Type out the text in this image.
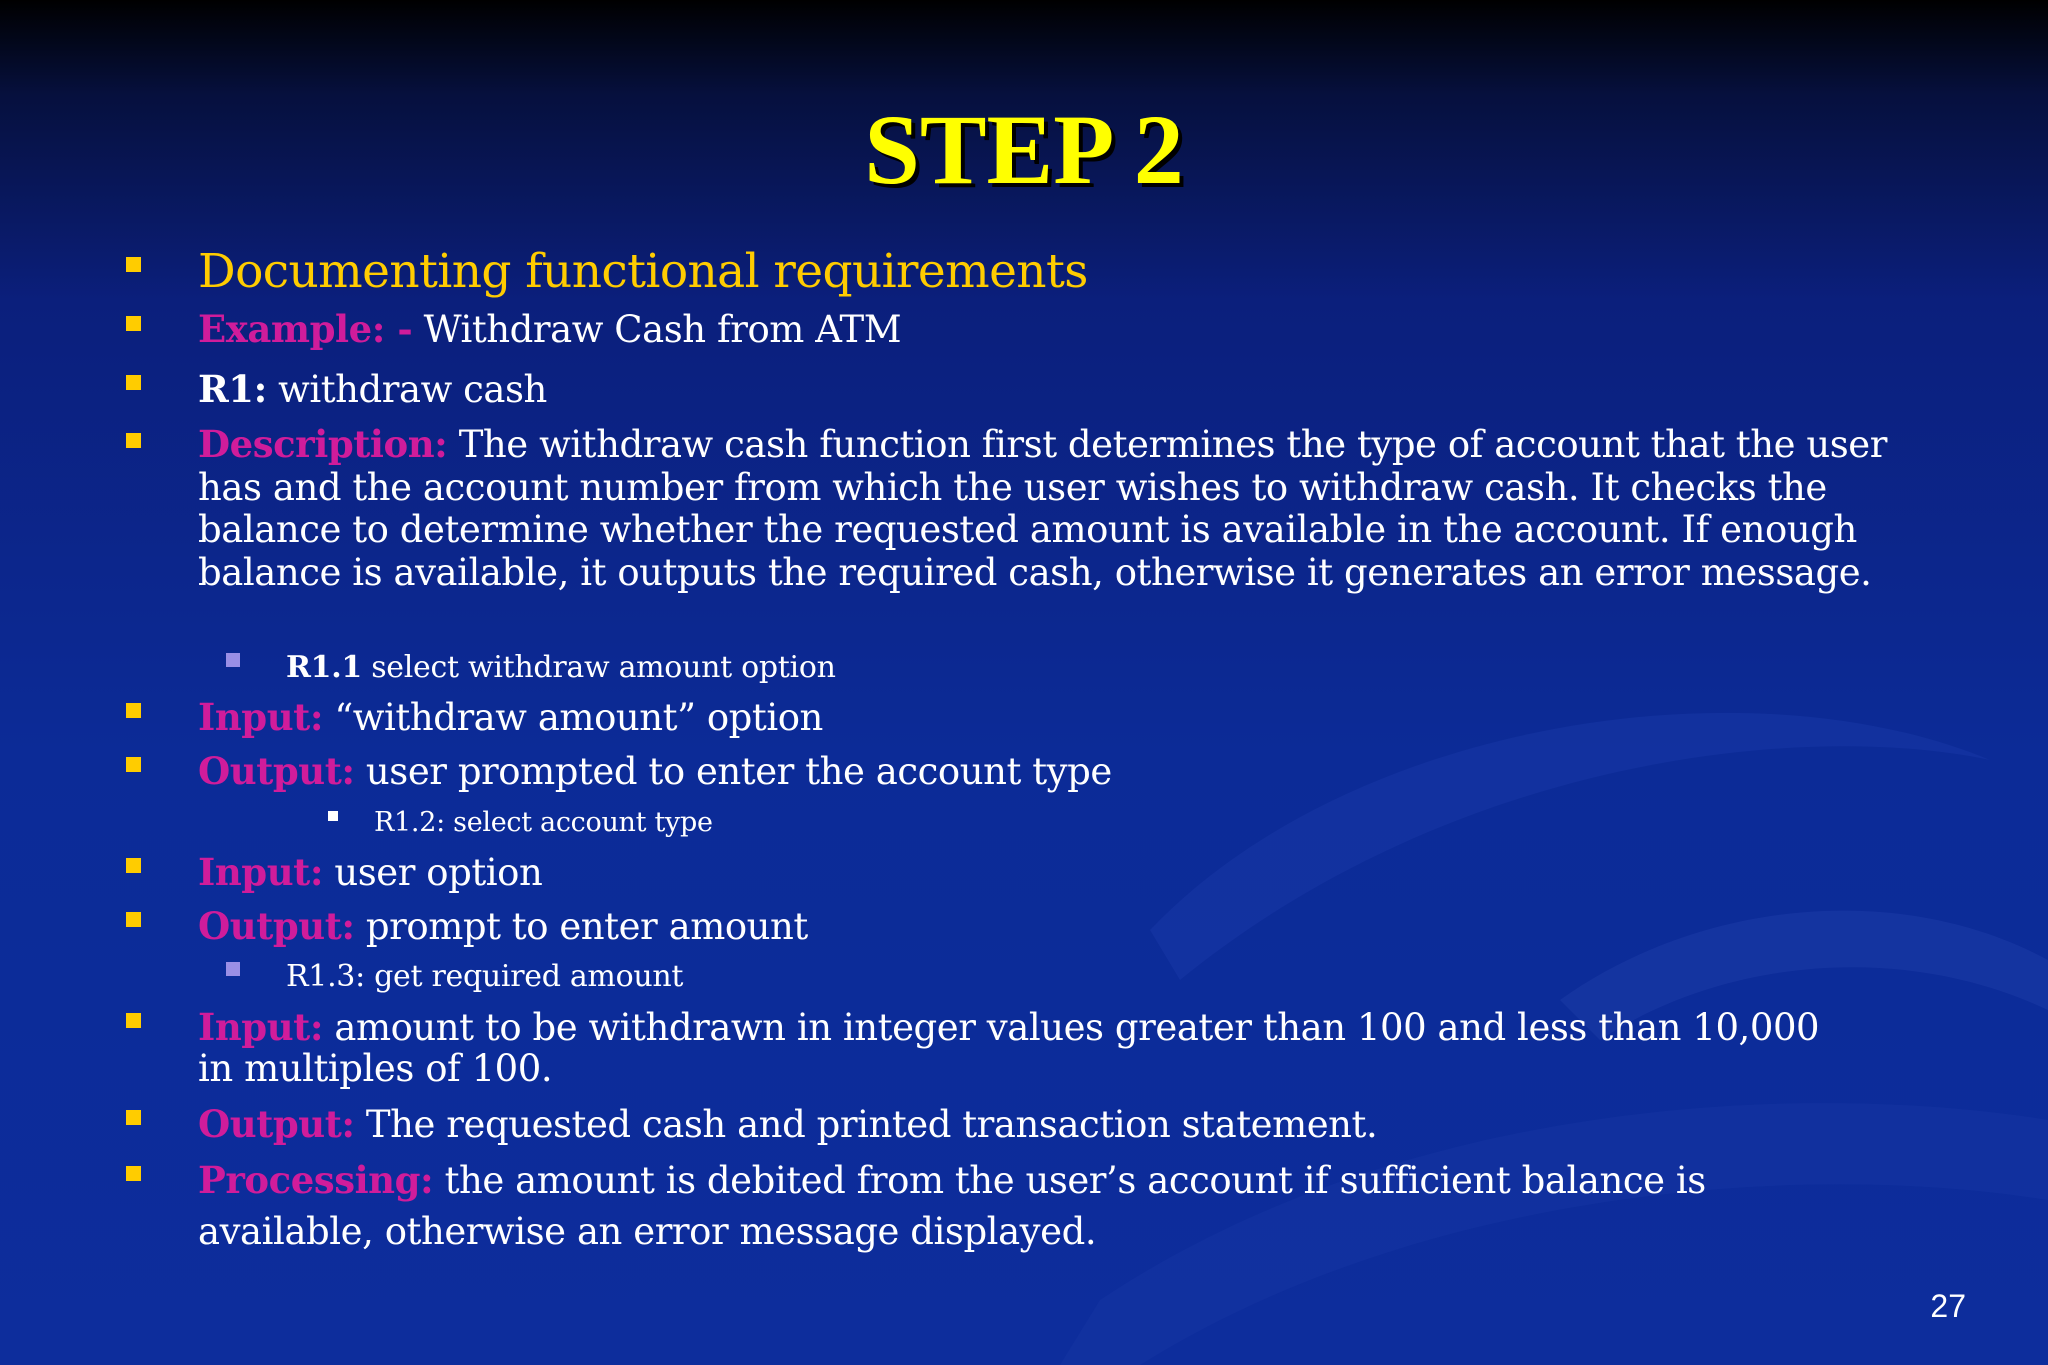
STEP 2
Documenting functional requirements
Example: - Withdraw Cash from ATM
R1: withdraw cash
Description: The withdraw cash function first determines the type of account that the user has and the account number from which the user wishes to withdraw cash. It checks the balance to determine whether the requested amount is available in the account. If enough balance is available, it outputs the required cash, otherwise it generates an error message.
R1.1 select withdraw amount option
Input: “withdraw amount” option
Output: user prompted to enter the account type
R1.2: select account type
Input: user option
Output: prompt to enter amount
R1.3: get required amount
Input: amount to be withdrawn in integer values greater than 100 and less than 10,000
in multiples of 100.
Output: The requested cash and printed transaction statement.
Processing: the amount is debited from the user’s account if sufficient balance is
available, otherwise an error message displayed.
27
